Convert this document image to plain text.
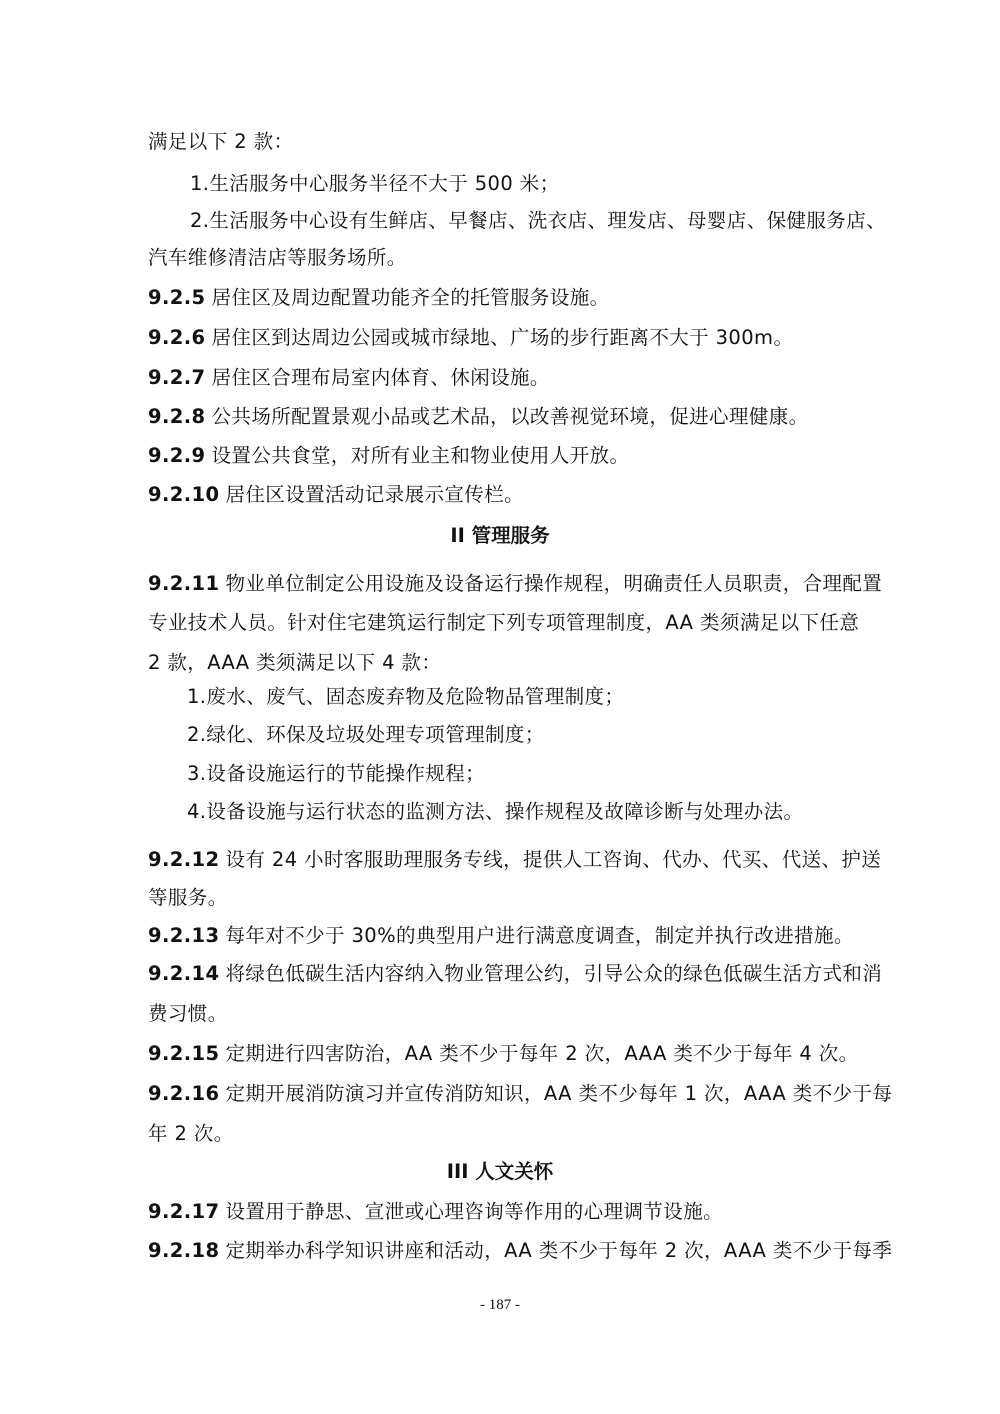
满足以下 2 款：
1.生活服务中心服务半径不大于 500 米；
2.生活服务中心设有生鲜店、早餐店、洗衣店、理发店、母婴店、保健服务店、
汽车维修清洁店等服务场所。
9.2.5 居住区及周边配置功能齐全的托管服务设施。
9.2.6 居住区到达周边公园或城市绿地、广场的步行距离不大于 300m。
9.2.7 居住区合理布局室内体育、休闲设施。
9.2.8 公共场所配置景观小品或艺术品，以改善视觉环境，促进心理健康。
9.2.9 设置公共食堂，对所有业主和物业使用人开放。
9.2.10 居住区设置活动记录展示宣传栏。
II 管理服务
9.2.11 物业单位制定公用设施及设备运行操作规程，明确责任人员职责，合理配置
专业技术人员。针对住宅建筑运行制定下列专项管理制度，AA 类须满足以下任意
2 款，AAA 类须满足以下 4 款：
1.废水、废气、固态废弃物及危险物品管理制度；
2.绿化、环保及垃圾处理专项管理制度；
3.设备设施运行的节能操作规程；
4.设备设施与运行状态的监测方法、操作规程及故障诊断与处理办法。
9.2.12 设有 24 小时客服助理服务专线，提供人工咨询、代办、代买、代送、护送
等服务。
9.2.13 每年对不少于 30%的典型用户进行满意度调查，制定并执行改进措施。
9.2.14 将绿色低碳生活内容纳入物业管理公约，引导公众的绿色低碳生活方式和消
费习惯。
9.2.15 定期进行四害防治，AA 类不少于每年 2 次，AAA 类不少于每年 4 次。
9.2.16 定期开展消防演习并宣传消防知识，AA 类不少每年 1 次，AAA 类不少于每
年 2 次。
III 人文关怀
9.2.17 设置用于静思、宣泄或心理咨询等作用的心理调节设施。
9.2.18 定期举办科学知识讲座和活动，AA 类不少于每年 2 次，AAA 类不少于每季
- 187 -
